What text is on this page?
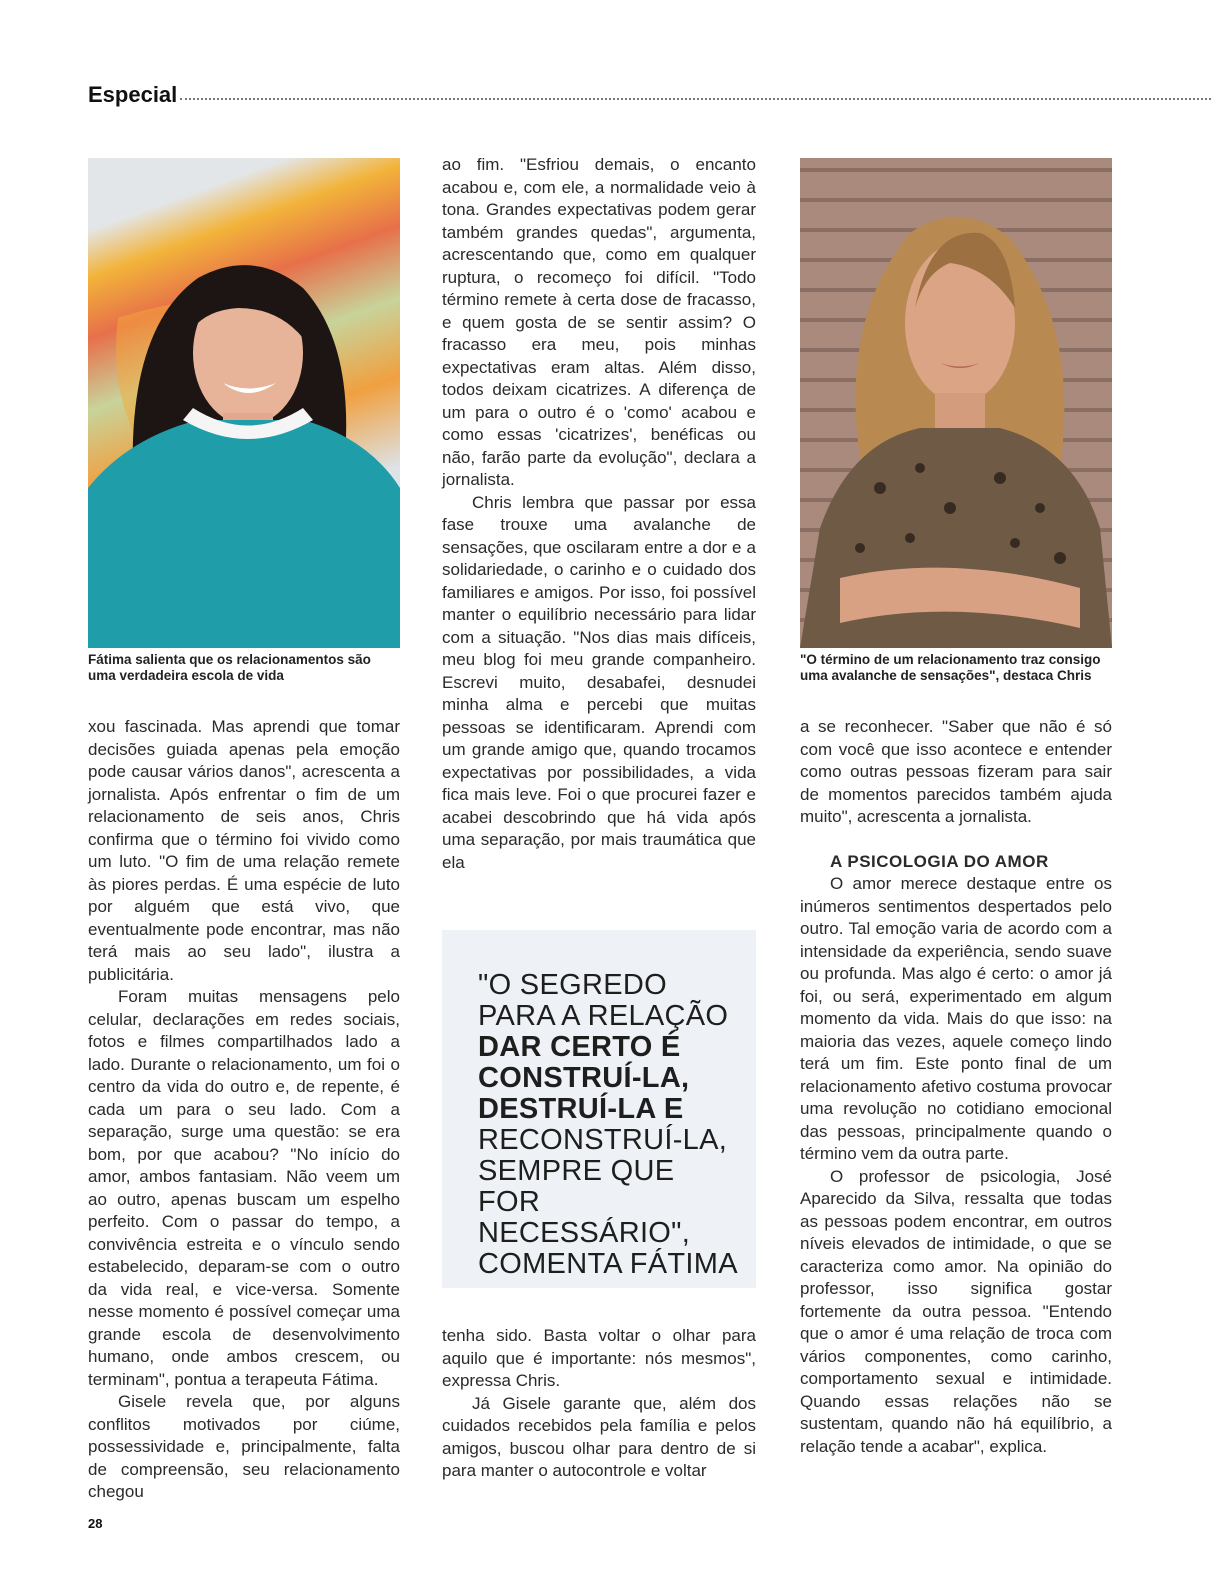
Especial
Fátima salienta que os relacionamentos são uma verdadeira escola de vida
"O término de um relacionamento traz consigo uma avalanche de sensações", destaca Chris

xou fascinada. Mas aprendi que tomar decisões guiada apenas pela emoção pode causar vários danos", acrescenta a jornalista. Após enfrentar o fim de um relacionamento de seis anos, Chris confirma que o término foi vivido como um luto. "O fim de uma relação remete às piores perdas. É uma espécie de luto por alguém que está vivo, que eventualmente pode encontrar, mas não terá mais ao seu lado", ilustra a publicitária.

Foram muitas mensagens pelo celular, declarações em redes sociais, fotos e filmes compartilhados lado a lado. Durante o relacionamento, um foi o centro da vida do outro e, de repente, é cada um para o seu lado. Com a separação, surge uma questão: se era bom, por que acabou? "No início do amor, ambos fantasiam. Não veem um ao outro, apenas buscam um espelho perfeito. Com o passar do tempo, a convivência estreita e o vínculo sendo estabelecido, deparam-se com o outro da vida real, e vice-versa. Somente nesse momento é possível começar uma grande escola de desenvolvimento humano, onde ambos crescem, ou terminam", pontua a terapeuta Fátima.

Gisele revela que, por alguns conflitos motivados por ciúme, possessividade e, principalmente, falta de compreensão, seu relacionamento chegou

ao fim. "Esfriou demais, o encanto acabou e, com ele, a normalidade veio à tona. Grandes expectativas podem gerar também grandes quedas", argumenta, acrescentando que, como em qualquer ruptura, o recomeço foi difícil. "Todo término remete à certa dose de fracasso, e quem gosta de se sentir assim? O fracasso era meu, pois minhas expectativas eram altas. Além disso, todos deixam cicatrizes. A diferença de um para o outro é o 'como' acabou e como essas 'cicatrizes', benéficas ou não, farão parte da evolução", declara a jornalista.

Chris lembra que passar por essa fase trouxe uma avalanche de sensações, que oscilaram entre a dor e a solidariedade, o carinho e o cuidado dos familiares e amigos. Por isso, foi possível manter o equilíbrio necessário para lidar com a situação. "Nos dias mais difíceis, meu blog foi meu grande companheiro. Escrevi muito, desabafei, desnudei minha alma e percebi que muitas pessoas se identificaram. Aprendi com um grande amigo que, quando trocamos expectativas por possibilidades, a vida fica mais leve. Foi o que procurei fazer e acabei descobrindo que há vida após uma separação, por mais traumática que ela

"O SEGREDO PARA A RELAÇÃO DAR CERTO É CONSTRUÍ-LA, DESTRUÍ-LA E RECONSTRUÍ-LA, SEMPRE QUE FOR NECESSÁRIO", COMENTA FÁTIMA

tenha sido. Basta voltar o olhar para aquilo que é importante: nós mesmos", expressa Chris.

Já Gisele garante que, além dos cuidados recebidos pela família e pelos amigos, buscou olhar para dentro de si para manter o autocontrole e voltar

a se reconhecer. "Saber que não é só com você que isso acontece e entender como outras pessoas fizeram para sair de momentos parecidos também ajuda muito", acrescenta a jornalista.

A PSICOLOGIA DO AMOR

O amor merece destaque entre os inúmeros sentimentos despertados pelo outro. Tal emoção varia de acordo com a intensidade da experiência, sendo suave ou profunda. Mas algo é certo: o amor já foi, ou será, experimentado em algum momento da vida. Mais do que isso: na maioria das vezes, aquele começo lindo terá um fim. Este ponto final de um relacionamento afetivo costuma provocar uma revolução no cotidiano emocional das pessoas, principalmente quando o término vem da outra parte.

O professor de psicologia, José Aparecido da Silva, ressalta que todas as pessoas podem encontrar, em outros níveis elevados de intimidade, o que se caracteriza como amor. Na opinião do professor, isso significa gostar fortemente da outra pessoa. "Entendo que o amor é uma relação de troca com vários componentes, como carinho, comportamento sexual e intimidade. Quando essas relações não se sustentam, quando não há equilíbrio, a relação tende a acabar", explica.

28
